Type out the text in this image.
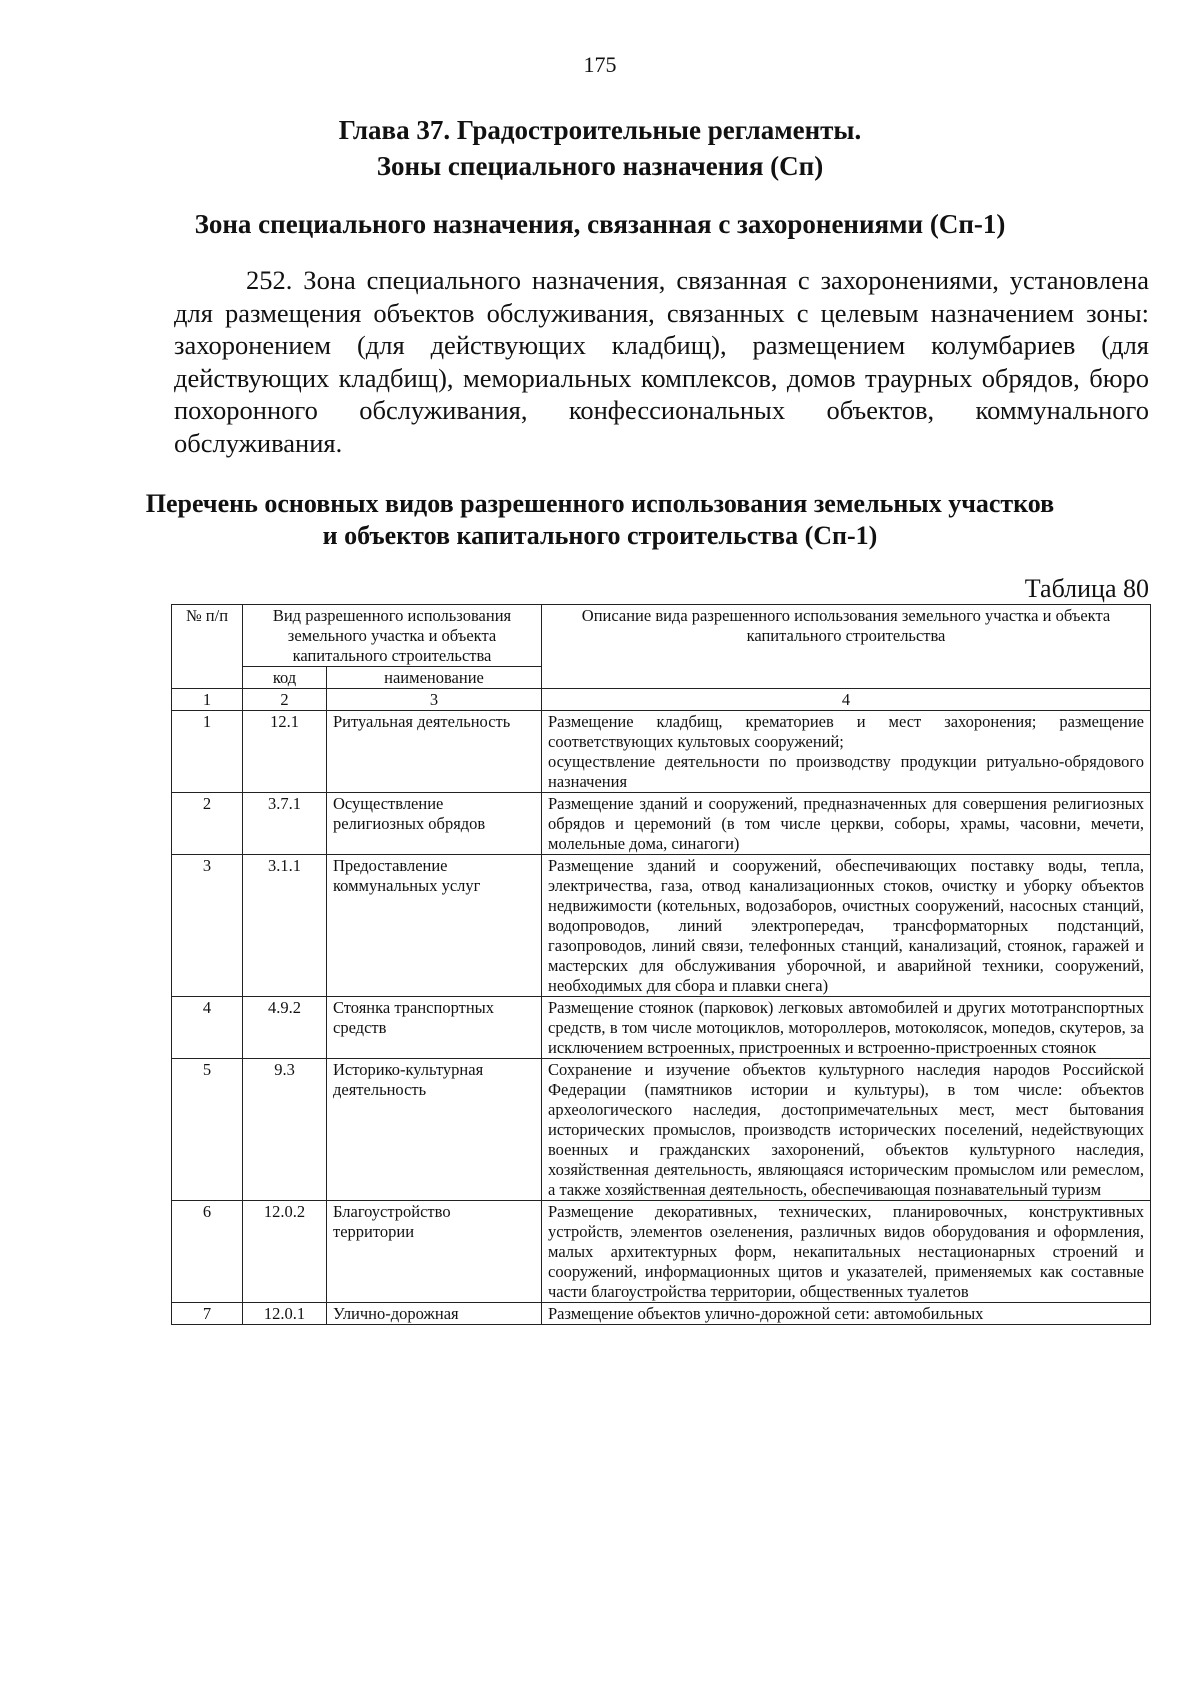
175
Глава 37. Градостроительные регламенты.
Зоны специального назначения (Сп)
Зона специального назначения, связанная с захоронениями (Сп-1)

252. Зона специального назначения, связанная с захоронениями, установлена для размещения объектов обслуживания, связанных с целевым назначением зоны: захоронением (для действующих кладбищ), размещением колумбариев (для действующих кладбищ), мемориальных комплексов, домов траурных обрядов, бюро похоронного обслуживания, конфессиональных объектов, коммунального обслуживания.

Перечень основных видов разрешенного использования земельных участков
и объектов капитального строительства (Сп-1)
Таблица 80
№ п/п	Вид разрешенного использования земельного участка и объекта капитального строительства		Описание вида разрешенного использования земельного участка и объекта капитального строительства
	код	наименование	
1	2	3	4
1	12.1	Ритуальная деятельность	Размещение кладбищ, крематориев и мест захоронения; размещение соответствующих культовых сооружений;
осуществление деятельности по производству продукции ритуально-обрядового назначения

2	3.7.1	Осуществление религиозных обрядов	Размещение зданий и сооружений, предназначенных для совершения религиозных обрядов и церемоний (в том числе церкви, соборы, храмы, часовни, мечети, молельные дома, синагоги)
3	3.1.1	Предоставление коммунальных услуг	Размещение зданий и сооружений, обеспечивающих поставку воды, тепла, электричества, газа, отвод канализационных стоков, очистку и уборку объектов недвижимости (котельных, водозаборов, очистных сооружений, насосных станций, водопроводов, линий электропередач, трансформаторных подстанций, газопроводов, линий связи, телефонных станций, канализаций, стоянок, гаражей и мастерских для обслуживания уборочной, и аварийной техники, сооружений, необходимых для сбора и плавки снега)
4	4.9.2	Стоянка транспортных средств	Размещение стоянок (парковок) легковых автомобилей и других мототранспортных средств, в том числе мотоциклов, мотороллеров, мотоколясок, мопедов, скутеров, за исключением встроенных, пристроенных и встроенно-пристроенных стоянок
5	9.3	Историко-культурная деятельность	Сохранение и изучение объектов культурного наследия народов Российской Федерации (памятников истории и культуры), в том числе: объектов археологического наследия, достопримечательных мест, мест бытования исторических промыслов, производств исторических поселений, недействующих военных и гражданских захоронений, объектов культурного наследия, хозяйственная деятельность, являющаяся историческим промыслом или ремеслом, а также хозяйственная деятельность, обеспечивающая познавательный туризм
6	12.0.2	Благоустройство территории	Размещение декоративных, технических, планировочных, конструктивных устройств, элементов озеленения, различных видов оборудования и оформления, малых архитектурных форм, некапитальных нестационарных строений и сооружений, информационных щитов и указателей, применяемых как составные части благоустройства территории, общественных туалетов
7	12.0.1	Улично-дорожная	Размещение объектов улично-дорожной сети: автомобильных
